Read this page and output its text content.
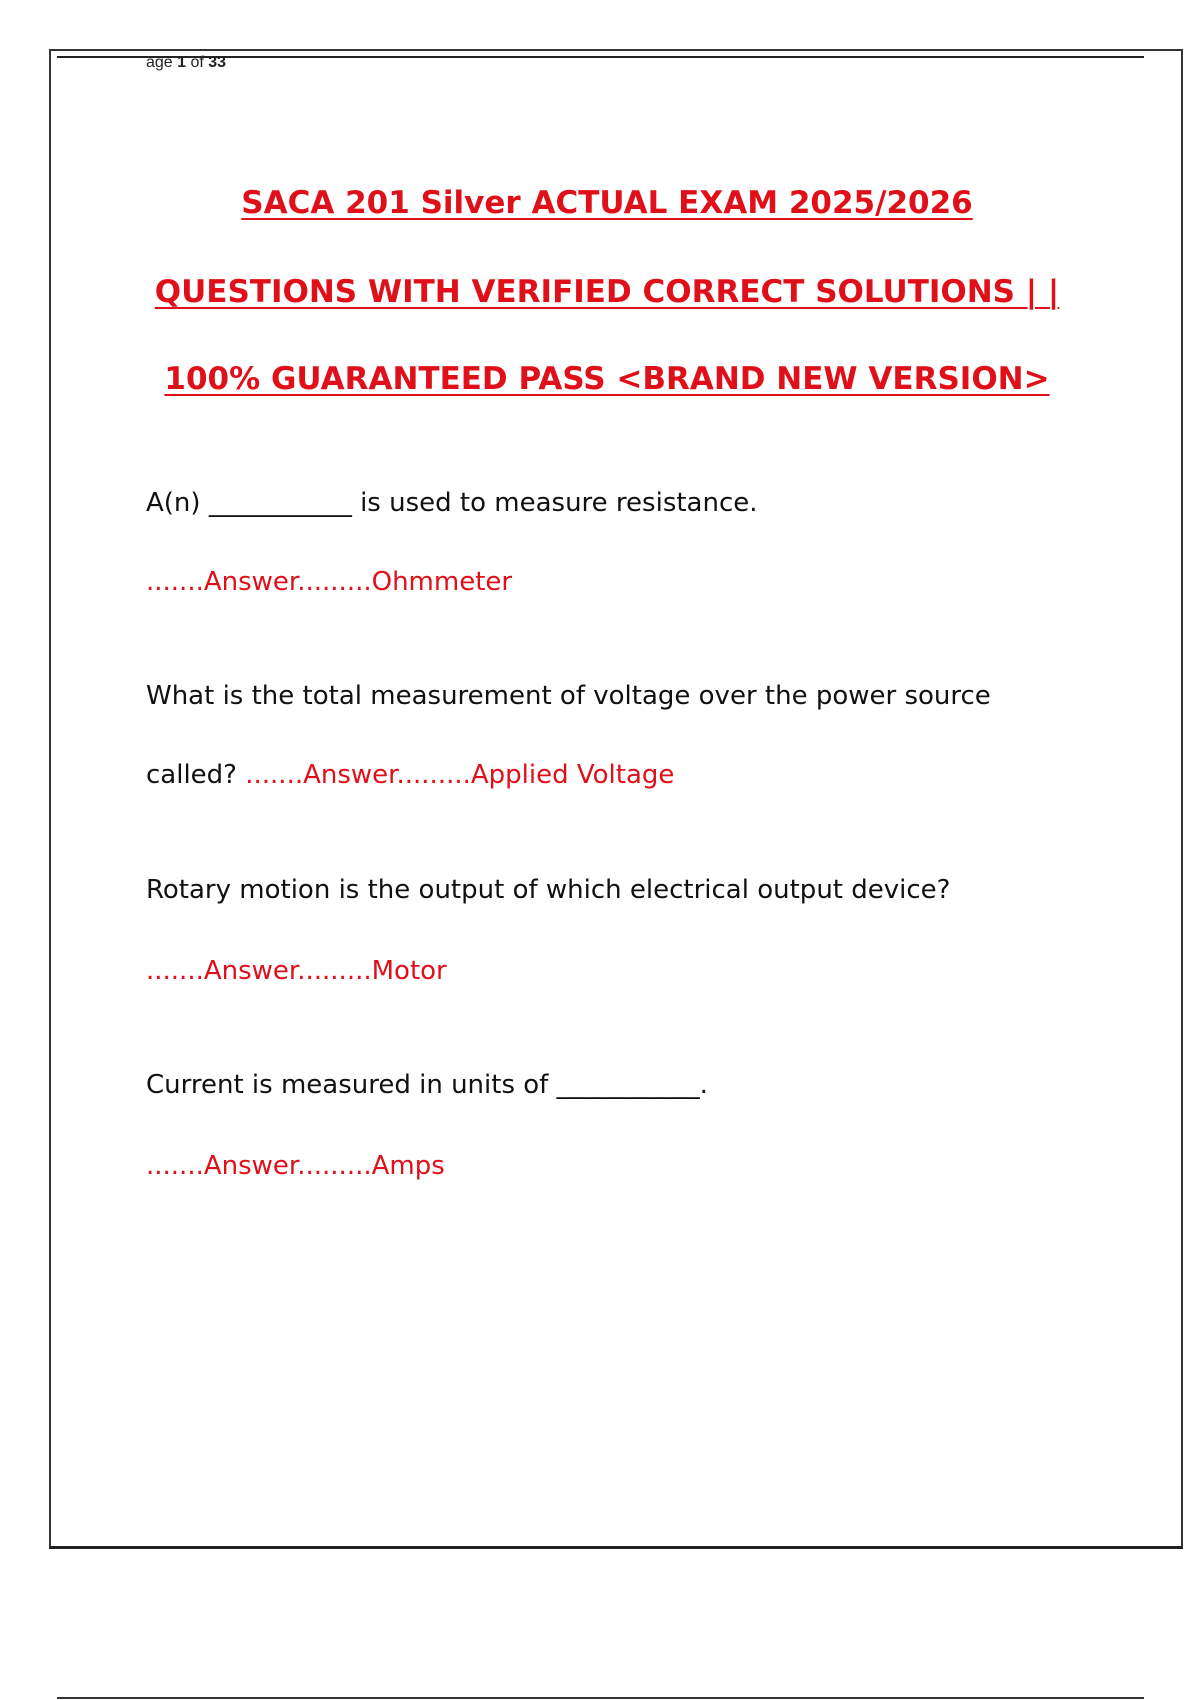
age 1 of 33
SACA 201 Silver ACTUAL EXAM 2025/2026
QUESTIONS WITH VERIFIED CORRECT SOLUTIONS | |
100% GUARANTEED PASS <BRAND NEW VERSION>
A(n) ___________ is used to measure resistance.
.......Answer.........Ohmmeter
What is the total measurement of voltage over the power source
called? .......Answer.........Applied Voltage
Rotary motion is the output of which electrical output device?
.......Answer.........Motor
Current is measured in units of ___________.
.......Answer.........Amps
